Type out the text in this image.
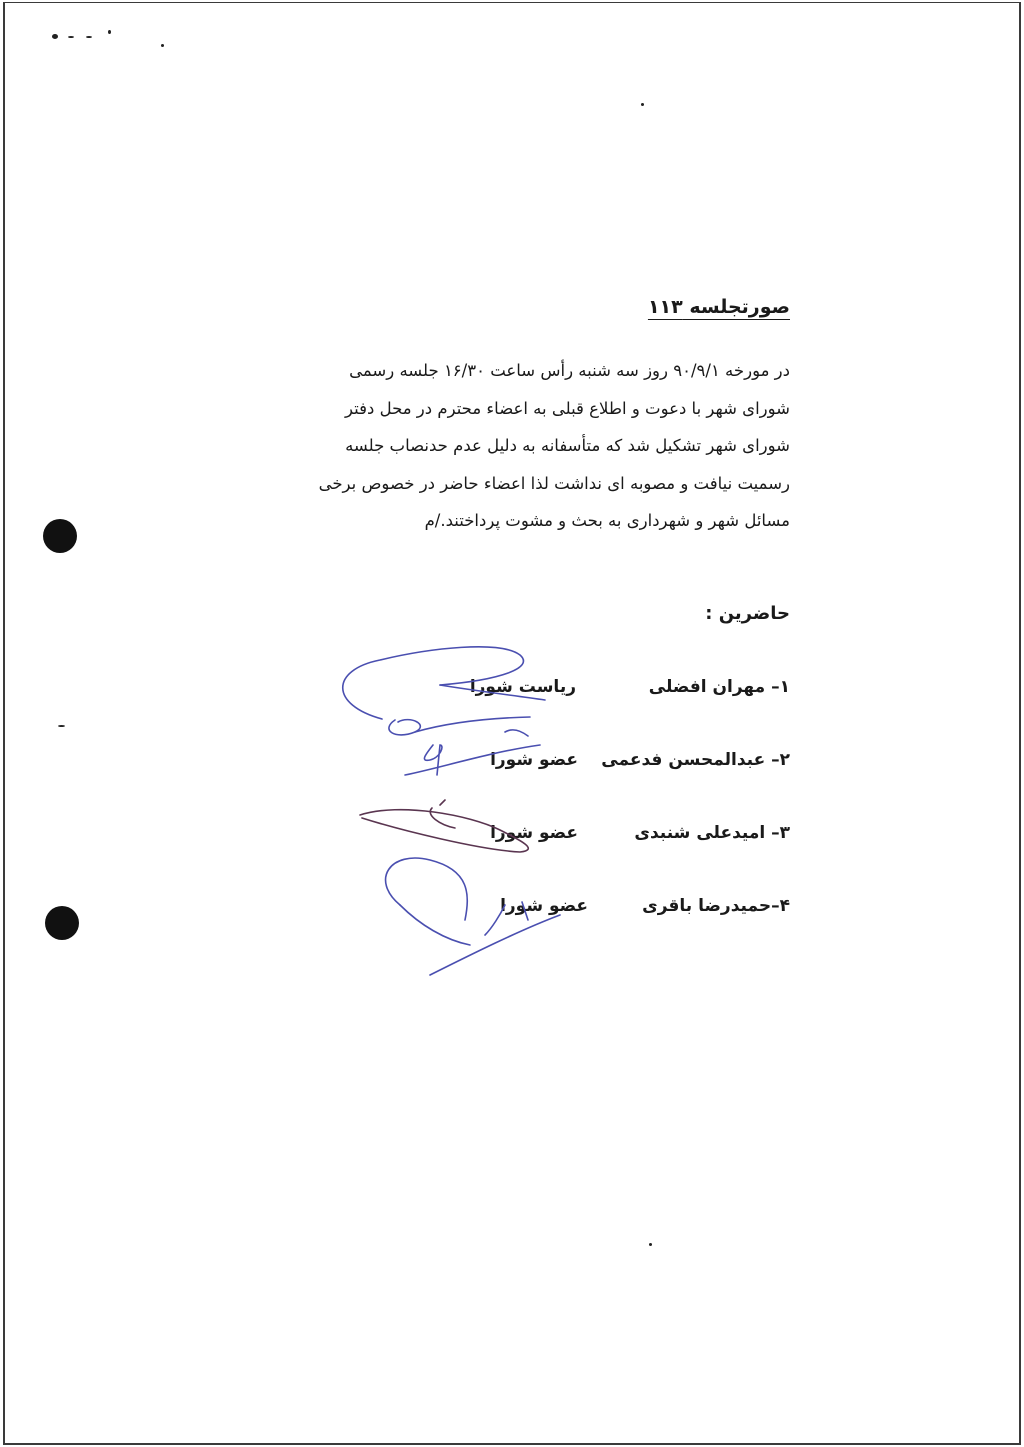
صورتجلسه ۱۱۳
در مورخه ۹۰/۹/۱ روز سه شنبه رأس ساعت ۱۶/۳۰ جلسه رسمی
شورای شهر با دعوت و اطلاع قبلی به اعضاء محترم در محل دفتر
شورای شهر تشکیل شد که متأسفانه به دلیل عدم حدنصاب جلسه
رسمیت نیافت و مصوبه ای نداشت لذا اعضاء حاضر در خصوص برخی
مسائل شهر و شهرداری به بحث و مشوت پرداختند./م
حاضرین :
۱– مهران افضلی
ریاست شورا
۲– عبدالمحسن فدعمی
عضو شورا
۳– امیدعلی شنبدی
عضو شورا
۴–حمیدرضا باقری
عضو شورا
